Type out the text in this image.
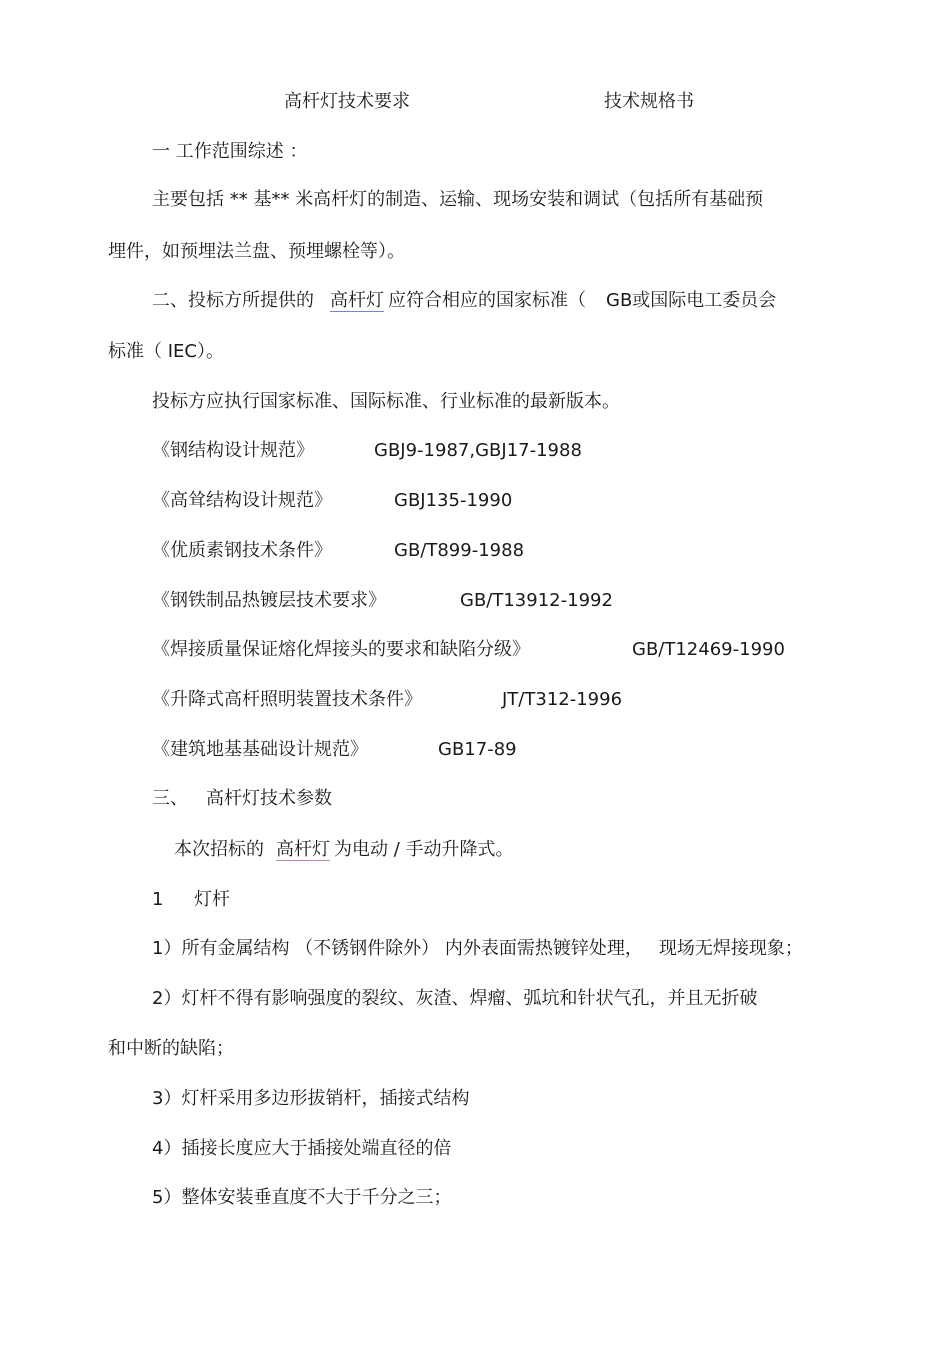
高杆灯技术要求	技术规格书
一 工作范围综述 ：
主要包括 ** 基** 米高杆灯的制造、运输、现场安装和调试（包括所有基础预
埋件，如预埋法兰盘、预埋螺栓等）。
二、投标方所提供的 高杆灯 应符合相应的国家标准（ GB或国际电工委员会
标准（ IEC）。
投标方应执行国家标准、国际标准、行业标准的最新版本。
《钢结构设计规范》	GBJ9-1987,GBJ17-1988
《高耸结构设计规范》	GBJ135-1990
《优质素钢技术条件》	GB/T899-1988
《钢铁制品热镀层技术要求》	GB/T13912-1992
《焊接质量保证熔化焊接头的要求和缺陷分级》	GB/T12469-1990
《升降式高杆照明装置技术条件》	JT/T312-1996
《建筑地基基础设计规范》	GB17-89
三、 高杆灯技术参数
本次招标的 高杆灯 为电动 / 手动升降式。
1 灯杆
1）所有金属结构 （不锈钢件除外） 内外表面需热镀锌处理， 现场无焊接现象；
2）灯杆不得有影响强度的裂纹、灰渣、焊瘤、弧坑和针状气孔，并且无折破
和中断的缺陷；
3）灯杆采用多边形拔销杆，插接式结构
4）插接长度应大于插接处端直径的倍
5）整体安装垂直度不大于千分之三；
